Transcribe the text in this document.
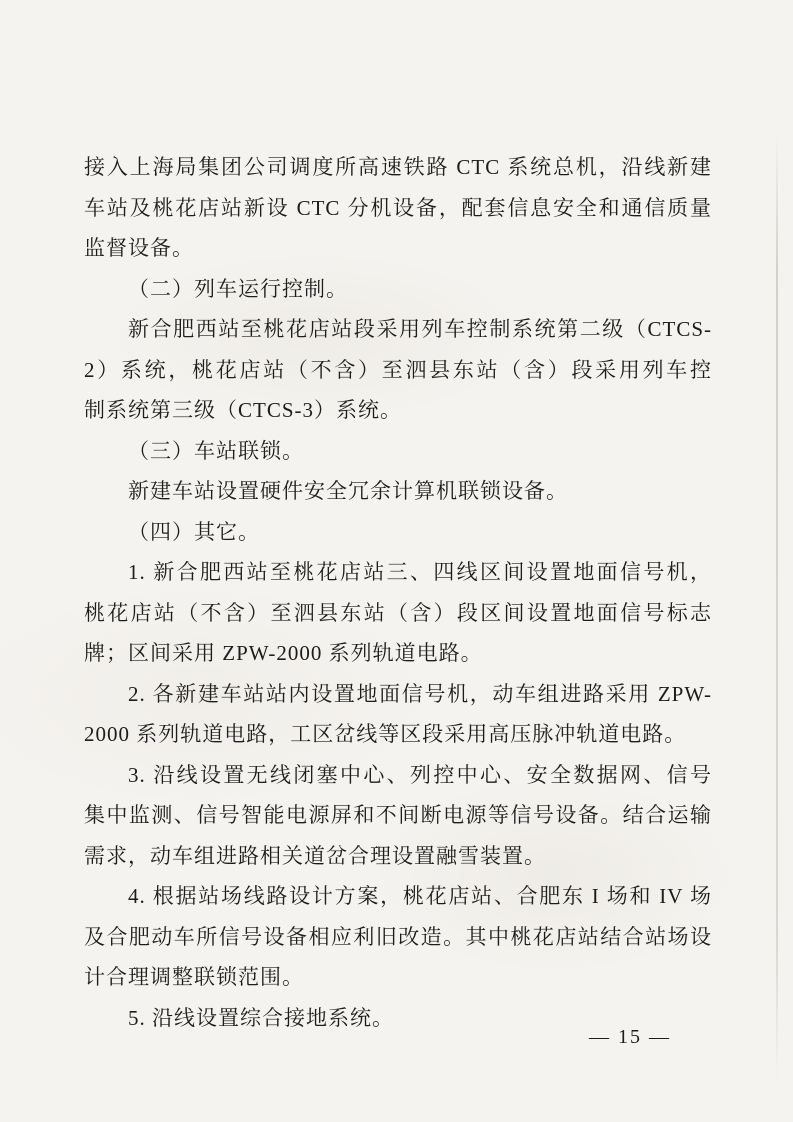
接入上海局集团公司调度所高速铁路 CTC 系统总机，沿线新建
车站及桃花店站新设 CTC 分机设备，配套信息安全和通信质量
监督设备。
（二）列车运行控制。
新合肥西站至桃花店站段采用列车控制系统第二级（CTCS-
2）系统，桃花店站（不含）至泗县东站（含）段采用列车控
制系统第三级（CTCS-3）系统。
（三）车站联锁。
新建车站设置硬件安全冗余计算机联锁设备。
（四）其它。
1. 新合肥西站至桃花店站三、四线区间设置地面信号机，
桃花店站（不含）至泗县东站（含）段区间设置地面信号标志
牌；区间采用 ZPW-2000 系列轨道电路。
2. 各新建车站站内设置地面信号机，动车组进路采用 ZPW-
2000 系列轨道电路，工区岔线等区段采用高压脉冲轨道电路。
3. 沿线设置无线闭塞中心、列控中心、安全数据网、信号
集中监测、信号智能电源屏和不间断电源等信号设备。结合运输
需求，动车组进路相关道岔合理设置融雪装置。
4. 根据站场线路设计方案，桃花店站、合肥东 I 场和 IV 场
及合肥动车所信号设备相应利旧改造。其中桃花店站结合站场设
计合理调整联锁范围。
5. 沿线设置综合接地系统。
— 15 —
